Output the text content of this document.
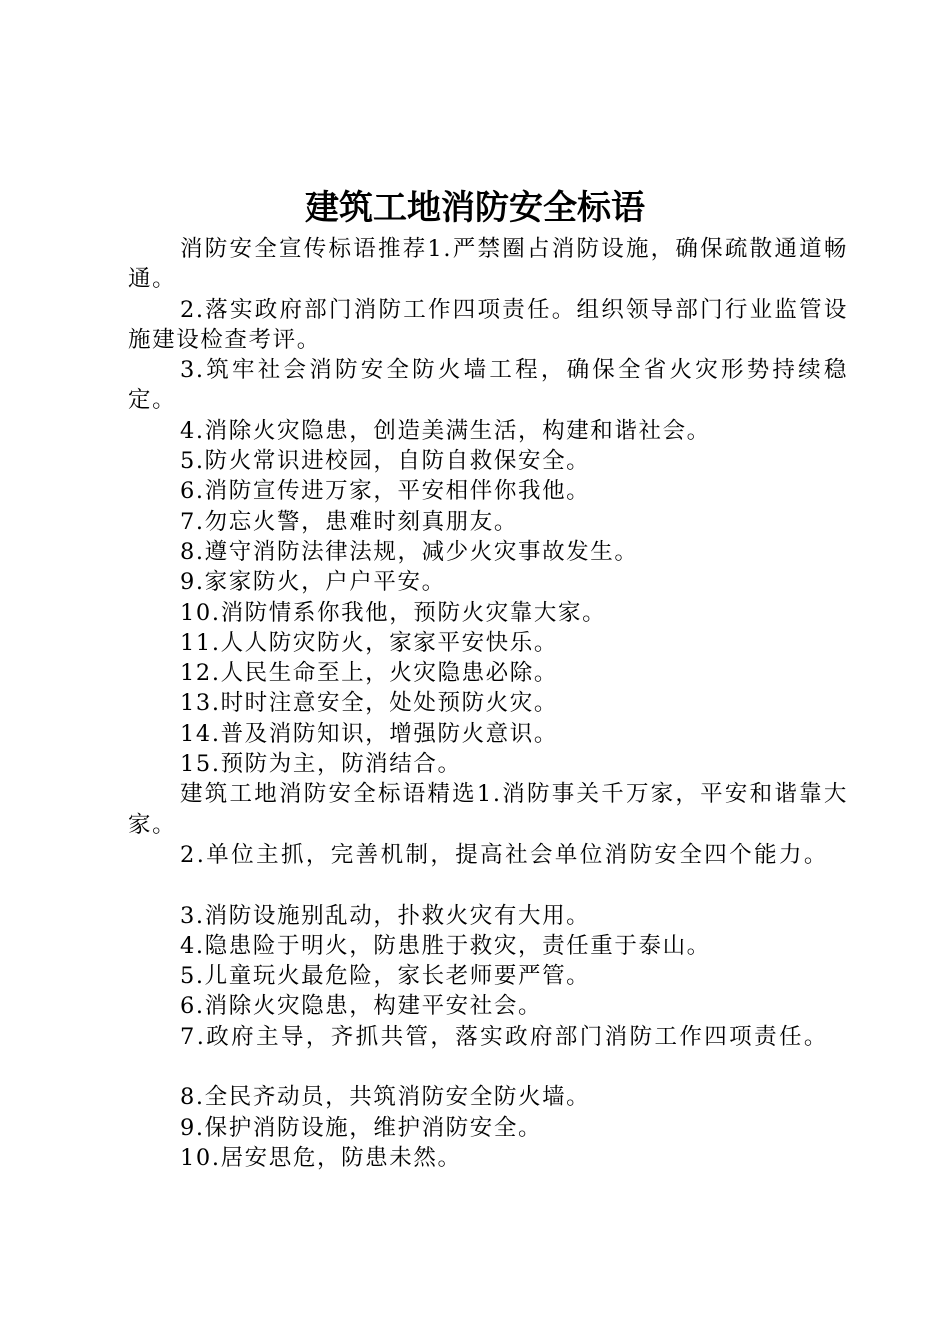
建筑工地消防安全标语

消防安全宣传标语推荐1.严禁圈占消防设施，确保疏散通道畅通。

2.落实政府部门消防工作四项责任。组织领导部门行业监管设施建设检查考评。

3.筑牢社会消防安全防火墙工程，确保全省火灾形势持续稳定。

4.消除火灾隐患，创造美满生活，构建和谐社会。

5.防火常识进校园，自防自救保安全。

6.消防宣传进万家，平安相伴你我他。

7.勿忘火警，患难时刻真朋友。

8.遵守消防法律法规，减少火灾事故发生。

9.家家防火，户户平安。

10.消防情系你我他，预防火灾靠大家。

11.人人防灾防火，家家平安快乐。

12.人民生命至上，火灾隐患必除。

13.时时注意安全，处处预防火灾。

14.普及消防知识，增强防火意识。

15.预防为主，防消结合。

建筑工地消防安全标语精选1.消防事关千万家，平安和谐靠大家。

2.单位主抓，完善机制，提高社会单位消防安全四个能力。

3.消防设施别乱动，扑救火灾有大用。

4.隐患险于明火，防患胜于救灾，责任重于泰山。

5.儿童玩火最危险，家长老师要严管。

6.消除火灾隐患，构建平安社会。

7.政府主导，齐抓共管，落实政府部门消防工作四项责任。

8.全民齐动员，共筑消防安全防火墙。

9.保护消防设施，维护消防安全。

10.居安思危，防患未然。
